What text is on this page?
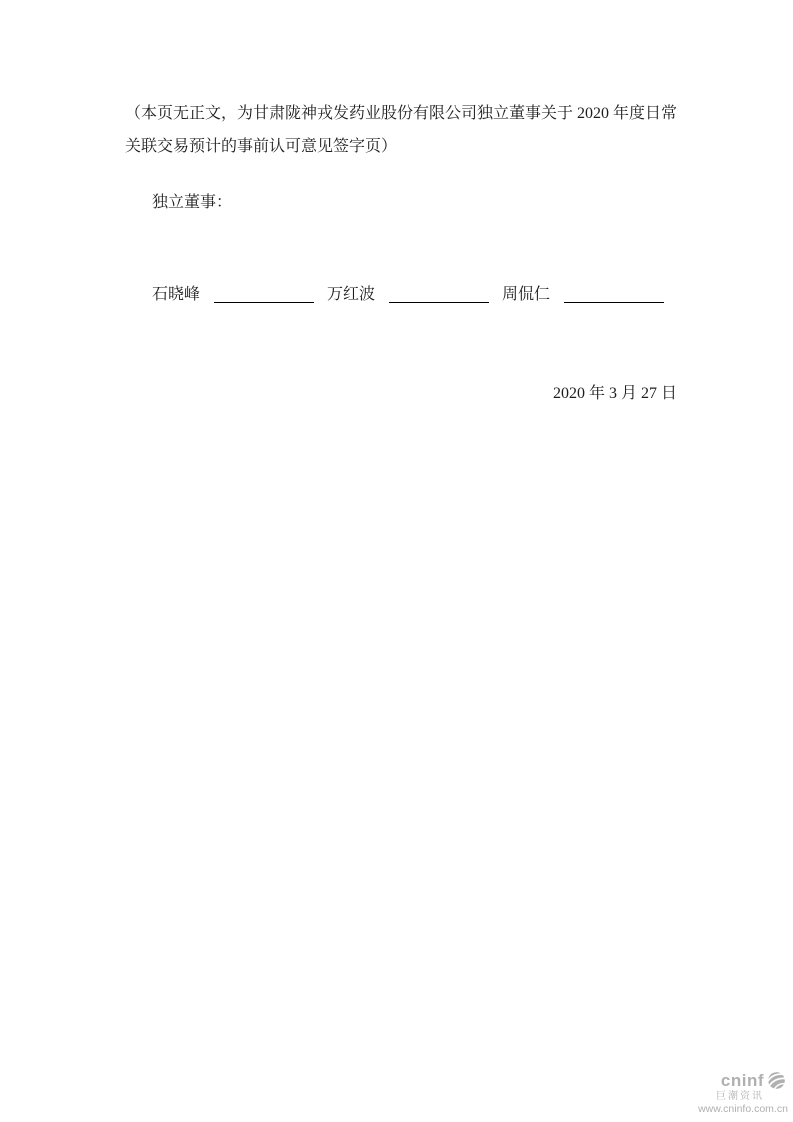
（本页无正文，为甘肃陇神戎发药业股份有限公司独立董事关于 2020 年度日常
关联交易预计的事前认可意见签字页）
独立董事：
石晓峰	万红波	周侃仁
2020 年 3 月 27 日
cninf
巨潮资讯
www.cninfo.com.cn
